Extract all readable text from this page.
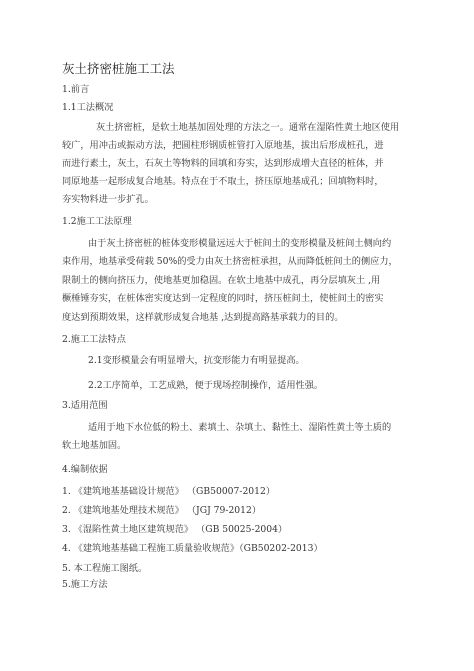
灰土挤密桩施工工法
1.前言
1.1工法概况
灰土挤密桩，是软土地基加固处理的方法之一。通常在湿陷性黄土地区使用
较广，用冲击或振动方法，把圆柱形钢质桩管打入原地基，拔出后形成桩孔，进
而进行素土，灰土，石灰土等物料的回填和夯实，达到形成增大直径的桩体，并
同原地基一起形成复合地基。特点在于不取土，挤压原地基成孔；回填物料时，
夯实物料进一步扩孔。
1.2施工工法原理
由于灰土挤密桩的桩体变形模量远远大于桩间土的变形模量及桩间土侧向约
束作用，地基承受荷载 50%的受力由灰土挤密桩承担，从而降低桩间土的侧应力，
限制土的侧向挤压力，使地基更加稳固。在软土地基中成孔，再分层填灰土 ,用
橛棰锤夯实，在桩体密实度达到一定程度的同时，挤压桩间土，使桩间土的密实
度达到预期效果，这样就形成复合地基 ,达到提高路基承载力的目的。
2.施工工法特点
2.1变形模量会有明显增大，抗变形能力有明显提高。
2.2工序简单，工艺成熟，便于现场控制操作，适用性强。
3.适用范围
适用于地下水位低的粉土、素填土、杂填土、黏性土、湿陷性黄土等土质的
软土地基加固。
4.编制依据
1. 《建筑地基基础设计规范》 （GB50007-2012）
2. 《建筑地基处理技术规范》 （JGJ 79-2012）
3. 《湿陷性黄土地区建筑规范》 （GB 50025-2004）
4. 《建筑地基基础工程施工质量验收规范》（GB50202-2013）
5. 本工程施工图纸。
5.施工方法
